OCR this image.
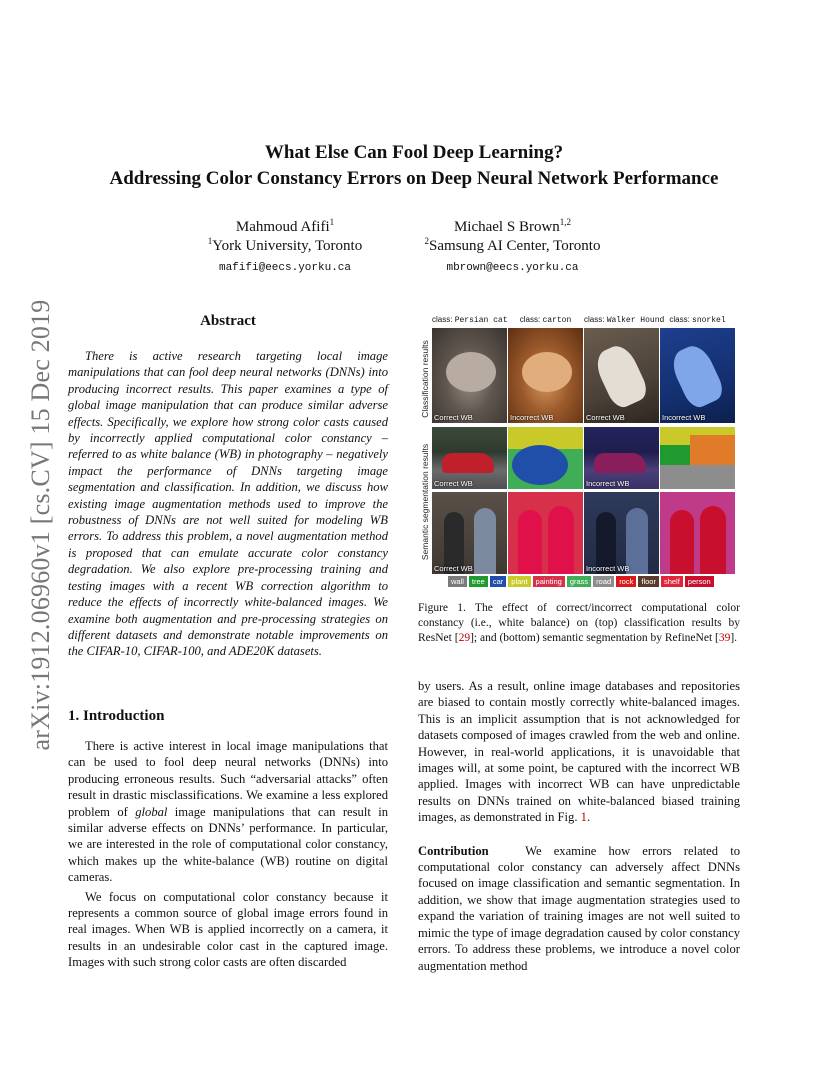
arXiv:1912.06960v1 [cs.CV] 15 Dec 2019
What Else Can Fool Deep Learning?
Addressing Color Constancy Errors on Deep Neural Network Performance
Mahmoud Afifi$^1$
$^1$York University, Toronto
mafifi@eecs.yorku.ca
Michael S Brown$^{1,2}$
$^2$Samsung AI Center, Toronto
mbrown@eecs.yorku.ca
Abstract
There is active research targeting local image manipulations that can fool deep neural networks (DNNs) into producing incorrect results. This paper examines a type of global image manipulation that can produce similar adverse effects. Specifically, we explore how strong color casts caused by incorrectly applied computational color constancy – referred to as white balance (WB) in photography – negatively impact the performance of DNNs targeting image segmentation and classification. In addition, we discuss how existing image augmentation methods used to improve the robustness of DNNs are not well suited for modeling WB errors. To address this problem, a novel augmentation method is proposed that can emulate accurate color constancy degradation. We also explore pre-processing training and testing images with a recent WB correction algorithm to reduce the effects of incorrectly white-balanced images. We examine both augmentation and pre-processing strategies on different datasets and demonstrate notable improvements on the CIFAR-10, CIFAR-100, and ADE20K datasets.
1. Introduction

There is active interest in local image manipulations that can be used to fool deep neural networks (DNNs) into producing erroneous results. Such “adversarial attacks” often result in drastic misclassifications. We examine a less explored problem of global image manipulations that can result in similar adverse effects on DNNs’ performance. In particular, we are interested in the role of computational color constancy, which makes up the white-balance (WB) routine on digital cameras.

We focus on computational color constancy because it represents a common source of global image errors found in real images. When WB is applied incorrectly on a camera, it results in an undesirable color cast in the captured image. Images with such strong color casts are often discarded

Classification results
Semantic segmentation results
class: Persian cat	class: carton	class: Walker Hound class: snorkel
Correct WB	Incorrect WB	Correct WB	Incorrect WB
Correct WB	Incorrect WB
Correct WB	Incorrect WB
wall	tree	car	plant	painting	grass	road	rock	floor	shelf	person
Figure 1. The effect of correct/incorrect computational color constancy (i.e., white balance) on (top) classification results by ResNet [29]; and (bottom) semantic segmentation by RefineNet [39].

by users. As a result, online image databases and repositories are biased to contain mostly correctly white-balanced images. This is an implicit assumption that is not acknowledged for datasets composed of images crawled from the web and online. However, in real-world applications, it is unavoidable that images will, at some point, be captured with the incorrect WB applied. Images with incorrect WB can have unpredictable results on DNNs trained on white-balanced biased training images, as demonstrated in Fig. 1.

Contribution	We examine how errors related to computational color constancy can adversely affect DNNs focused on image classification and semantic segmentation. In addition, we show that image augmentation strategies used to expand the variation of training images are not well suited to mimic the type of image degradation caused by color constancy errors. To address these problems, we introduce a novel color augmentation method
